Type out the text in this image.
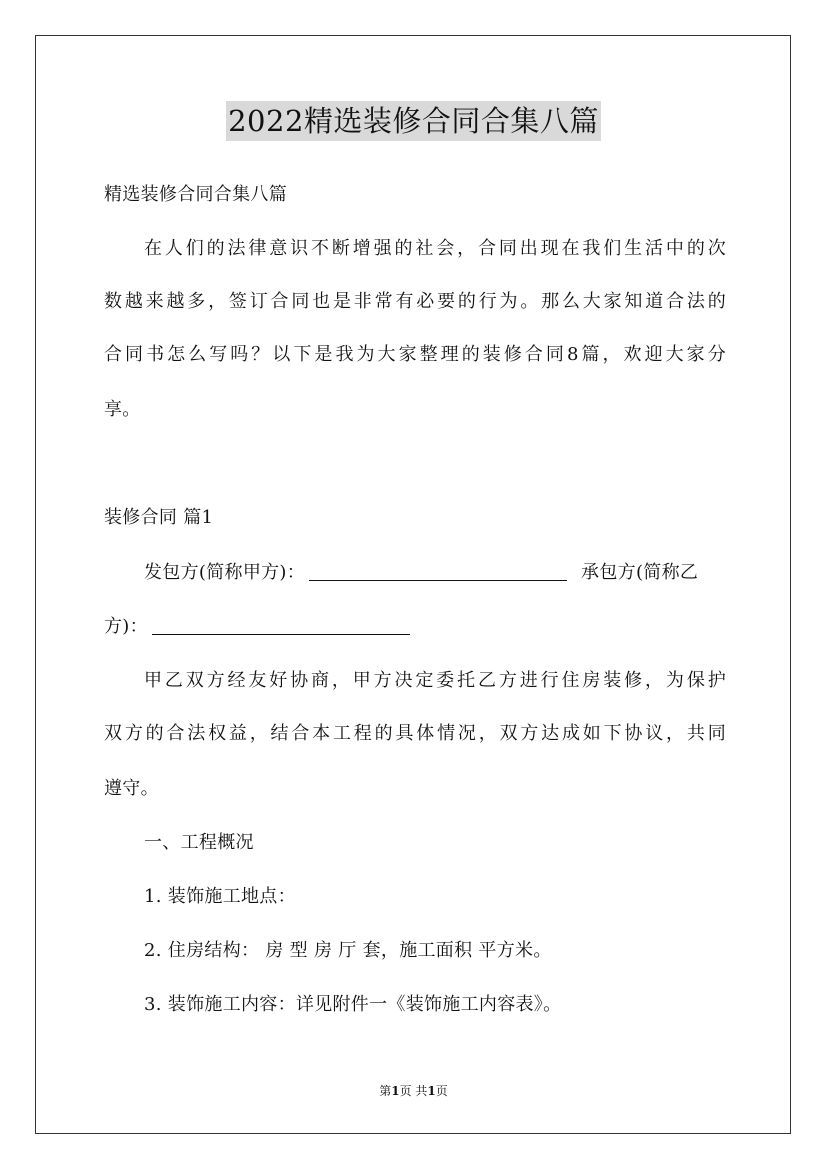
2022精选装修合同合集八篇
精选装修合同合集八篇
在人们的法律意识不断增强的社会，合同出现在我们生活中的次
数越来越多，签订合同也是非常有必要的行为。那么大家知道合法的
合同书怎么写吗？以下是我为大家整理的装修合同8篇，欢迎大家分
享。
装修合同 篇1
发包方(简称甲方)：	承包方(简称乙
方)：
甲乙双方经友好协商，甲方决定委托乙方进行住房装修，为保护
双方的合法权益，结合本工程的具体情况，双方达成如下协议，共同
遵守。
一、工程概况
1. 装饰施工地点：
2. 住房结构： 房 型 房 厅 套，施工面积 平方米。
3. 装饰施工内容：详见附件一《装饰施工内容表》。
第1页 共1页
